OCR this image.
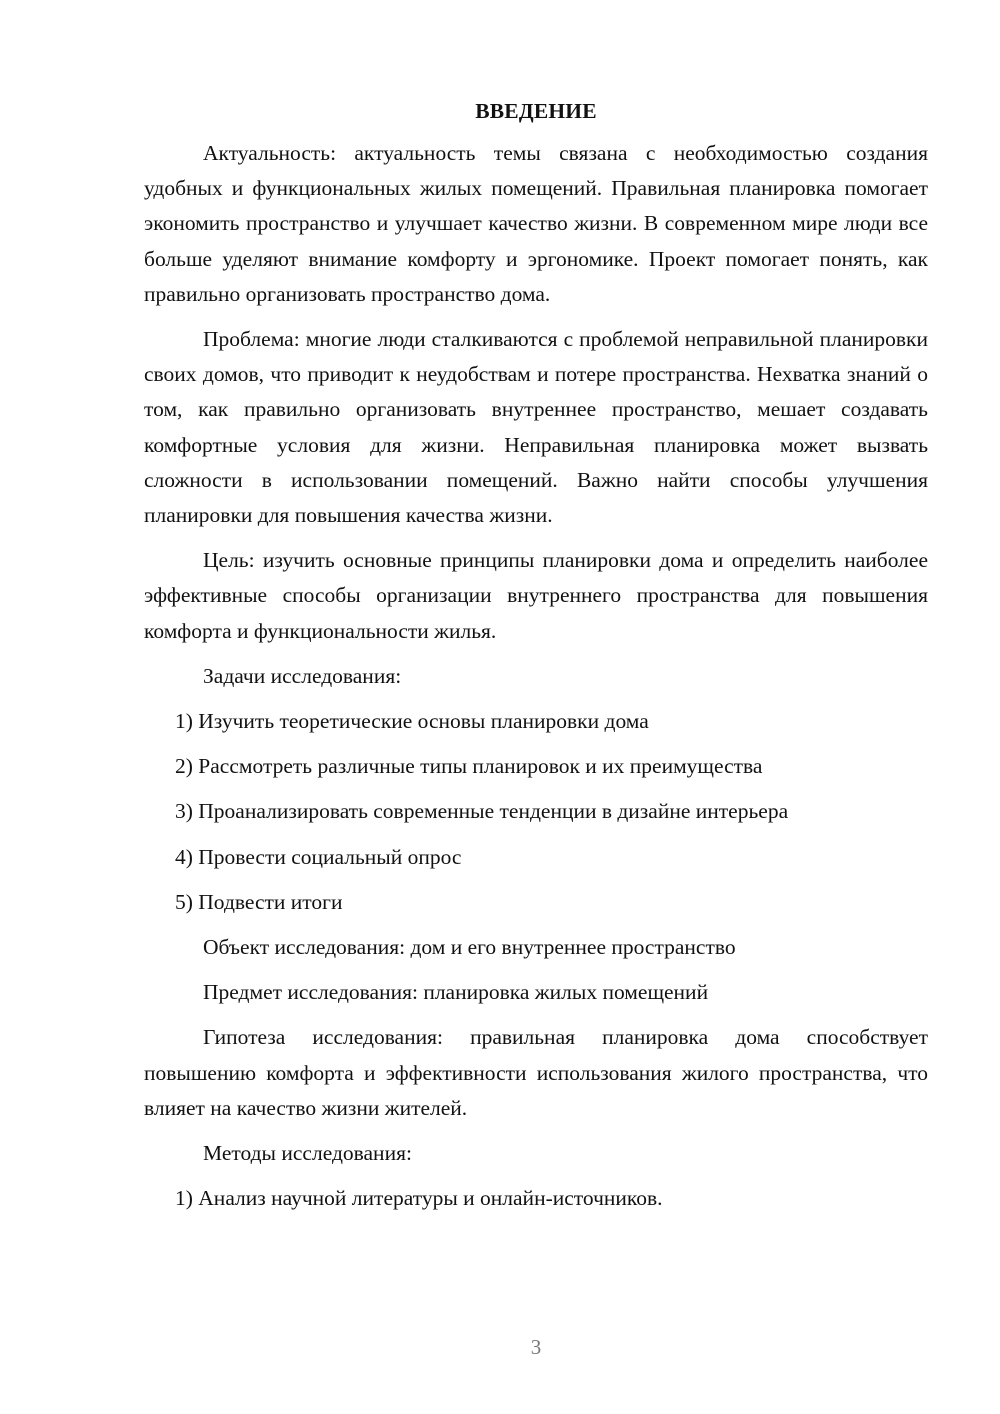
ВВЕДЕНИЕ

Актуальность: актуальность темы связана с необходимостью создания удобных и функциональных жилых помещений. Правильная планировка помогает экономить пространство и улучшает качество жизни. В современном мире люди все больше уделяют внимание комфорту и эргономике. Проект помогает понять, как правильно организовать пространство дома.

Проблема: многие люди сталкиваются с проблемой неправильной планировки своих домов, что приводит к неудобствам и потере пространства. Нехватка знаний о том, как правильно организовать внутреннее пространство, мешает создавать комфортные условия для жизни. Неправильная планировка может вызвать сложности в использовании помещений. Важно найти способы улучшения планировки для повышения качества жизни.

Цель: изучить основные принципы планировки дома и определить наиболее эффективные способы организации внутреннего пространства для повышения комфорта и функциональности жилья.

Задачи исследования:

1) Изучить теоретические основы планировки дома
2) Рассмотреть различные типы планировок и их преимущества
3) Проанализировать современные тенденции в дизайне интерьера
4) Провести социальный опрос
5) Подвести итоги

Объект исследования: дом и его внутреннее пространство

Предмет исследования: планировка жилых помещений

Гипотеза исследования: правильная планировка дома способствует повышению комфорта и эффективности использования жилого пространства, что влияет на качество жизни жителей.

Методы исследования:

1) Анализ научной литературы и онлайн-источников.
3
